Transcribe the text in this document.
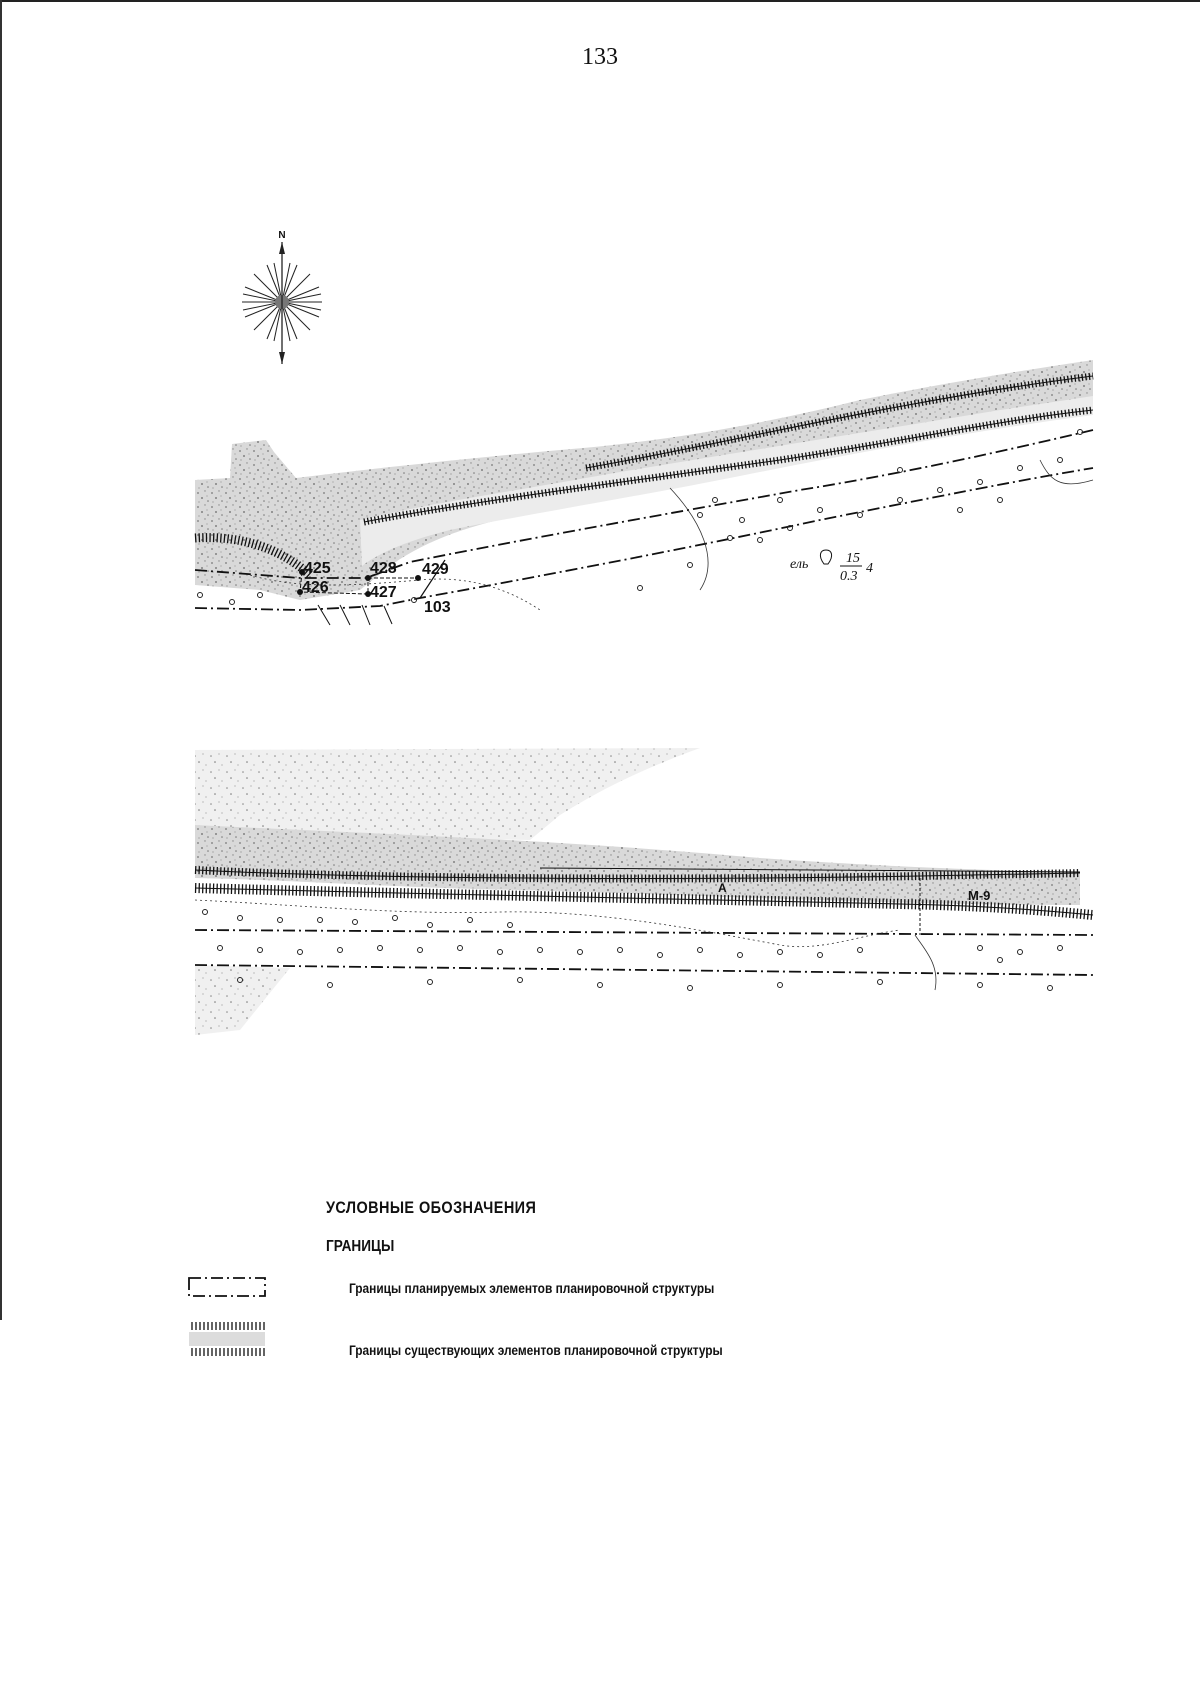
133
N
425
426	427
428 429
103
ель	15
0.3
4
А	М-9
УСЛОВНЫЕ ОБОЗНАЧЕНИЯ
ГРАНИЦЫ
Границы планируемых элементов планировочной структуры
Границы существующих элементов планировочной структуры
